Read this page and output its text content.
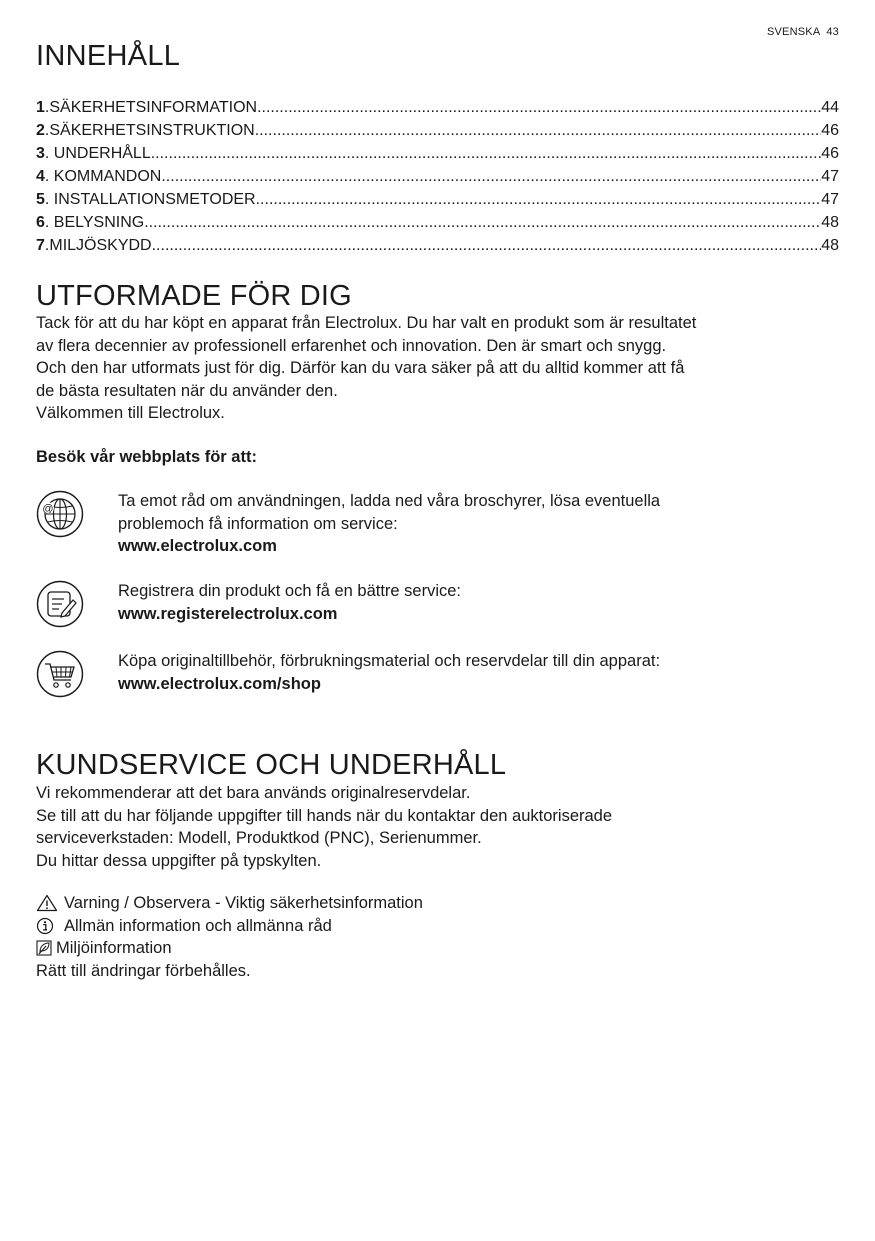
SVENSKA 43
INNEHÅLL
1 . SÄKERHETSINFORMATION .....	44
2 . SÄKERHETSINSTRUKTION .....	46
3 . UNDERHÅLL .....	46
4 . KOMMANDON .....	47
5 . INSTALLATIONSMETODER .....	47
6 . BELYSNING .....	48
7 . MILJÖSKYDD .....	48
UTFORMADE FÖR DIG

Tack för att du har köpt en apparat från Electrolux. Du har valt en produkt som är resultatet

av flera decennier av professionell erfarenhet och innovation. Den är smart och snygg.

Och den har utformats just för dig. Därför kan du vara säker på att du alltid kommer att få

de bästa resultaten när du använder den.

Välkommen till Electrolux.

Besök vår webbplats för att:
@	Ta emot råd om användningen, ladda ned våra broschyrer, lösa eventuella

problemoch få information om service:

www.electrolux.com

Registrera din produkt och få en bättre service:

www.registerelectrolux.com

Köpa originaltillbehör, förbrukningsmaterial och reservdelar till din apparat:

www.electrolux.com/shop

KUNDSERVICE OCH UNDERHÅLL

Vi rekommenderar att det bara används originalreservdelar.

Se till att du har följande uppgifter till hands när du kontaktar den auktoriserade

serviceverkstaden: Modell, Produktkod (PNC), Serienummer.

Du hittar dessa uppgifter på typskylten.

Varning / Observera - Viktig säkerhetsinformation
Allmän information och allmänna råd
Miljöinformation
Rätt till ändringar förbehålles.
